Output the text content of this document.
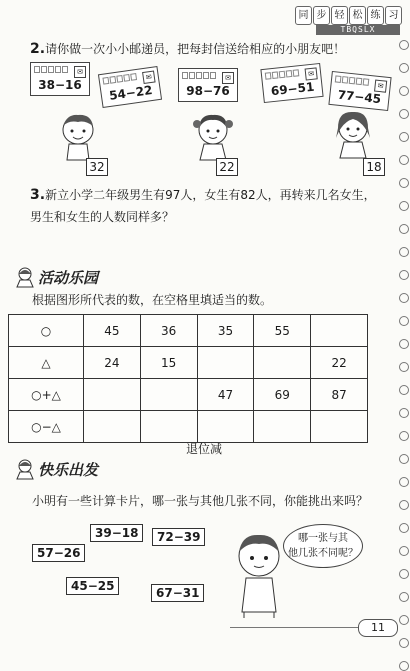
同 步 轻 松 练 习
TBQSLX
2.请你做一次小小邮递员，把每封信送给相应的小朋友吧！
✉
38−16
✉
54−22
✉
98−76
✉
69−51	✉
77−45
32	22	18
3.新立小学二年级男生有97人，女生有82人，再转来几名女生，
男生和女生的人数同样多？
活动乐园
根据图形所代表的数，在空格里填适当的数。
○	45	36	35	55	
△	24	15			22
○+△			47	69	87
○−△					
退位减
快乐出发
小明有一些计算卡片，哪一张与其他几张不同，你能挑出来吗？
39−18	72−39
57−26
45−25	67−31
哪一张与其
他几张不同呢？
11
